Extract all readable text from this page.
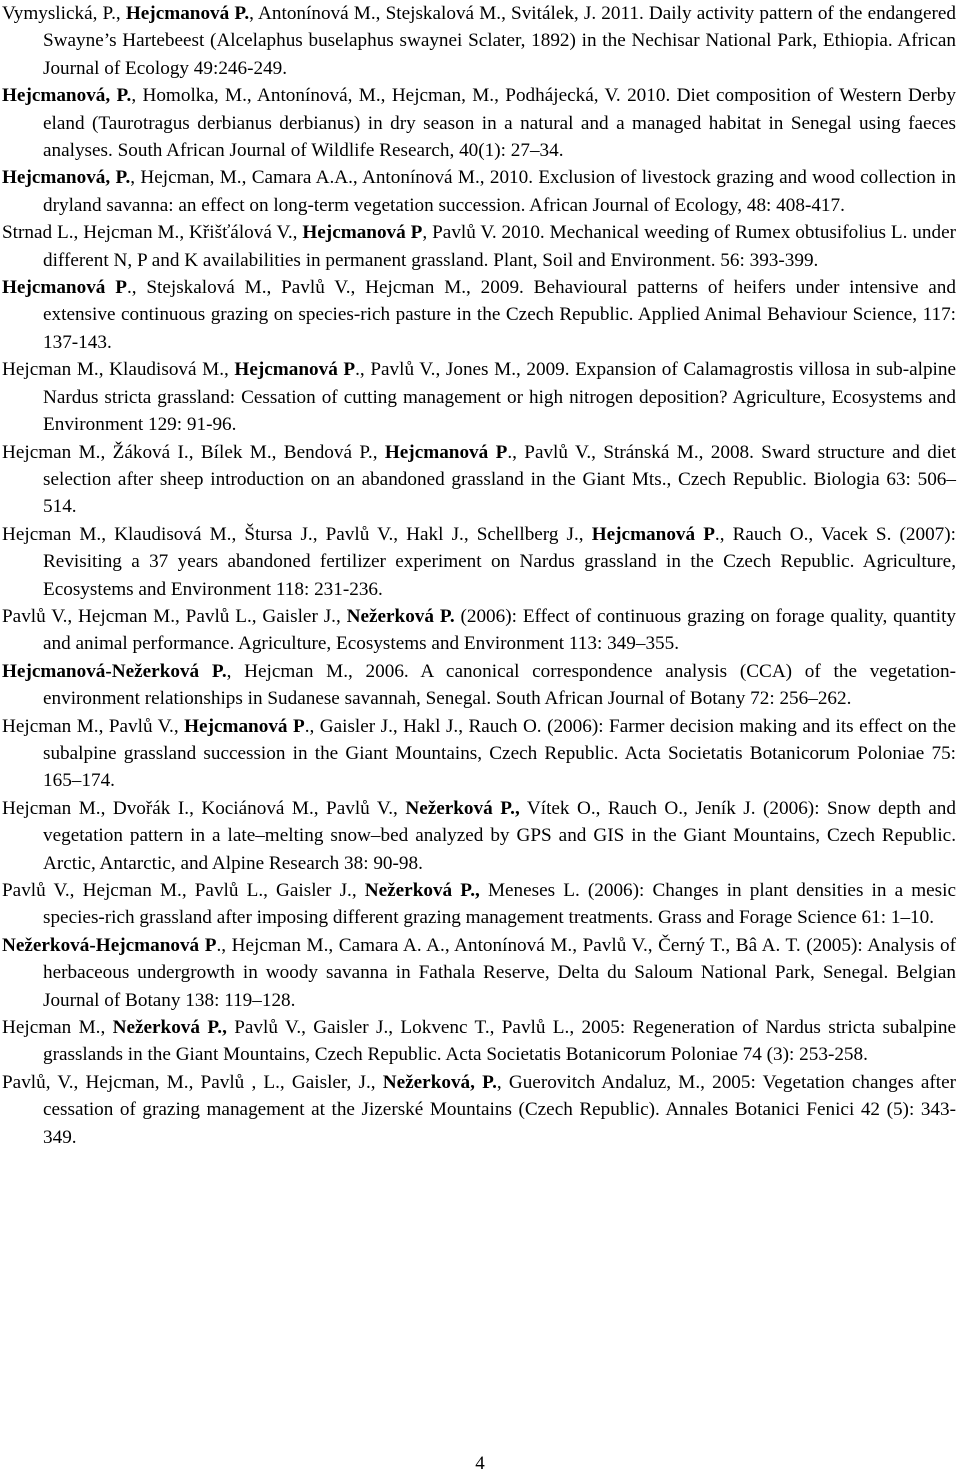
Vymyslická, P., Hejcmanová P., Antonínová M., Stejskalová M., Svitálek, J. 2011. Daily activity pattern of the endangered Swayne’s Hartebeest (Alcelaphus buselaphus swaynei Sclater, 1892) in the Nechisar National Park, Ethiopia. African Journal of Ecology 49:246-249.

Hejcmanová, P., Homolka, M., Antonínová, M., Hejcman, M., Podhájecká, V. 2010. Diet composition of Western Derby eland (Taurotragus derbianus derbianus) in dry season in a natural and a managed habitat in Senegal using faeces analyses. South African Journal of Wildlife Research, 40(1): 27–34.

Hejcmanová, P., Hejcman, M., Camara A.A., Antonínová M., 2010. Exclusion of livestock grazing and wood collection in dryland savanna: an effect on long-term vegetation succession. African Journal of Ecology, 48: 408-417.

Strnad L., Hejcman M., Křišťálová V., Hejcmanová P, Pavlů V. 2010. Mechanical weeding of Rumex obtusifolius L. under different N, P and K availabilities in permanent grassland. Plant, Soil and Environment. 56: 393-399.

Hejcmanová P., Stejskalová M., Pavlů V., Hejcman M., 2009. Behavioural patterns of heifers under intensive and extensive continuous grazing on species-rich pasture in the Czech Republic. Applied Animal Behaviour Science, 117: 137-143.

Hejcman M., Klaudisová M., Hejcmanová P., Pavlů V., Jones M., 2009. Expansion of Calamagrostis villosa in sub-alpine Nardus stricta grassland: Cessation of cutting management or high nitrogen deposition? Agriculture, Ecosystems and Environment 129: 91-96.

Hejcman M., Žáková I., Bílek M., Bendová P., Hejcmanová P., Pavlů V., Stránská M., 2008. Sward structure and diet selection after sheep introduction on an abandoned grassland in the Giant Mts., Czech Republic. Biologia 63: 506–514.

Hejcman M., Klaudisová M., Štursa J., Pavlů V., Hakl J., Schellberg J., Hejcmanová P., Rauch O., Vacek S. (2007): Revisiting a 37 years abandoned fertilizer experiment on Nardus grassland in the Czech Republic. Agriculture, Ecosystems and Environment 118: 231-236.

Pavlů V., Hejcman M., Pavlů L., Gaisler J., Nežerková P. (2006): Effect of continuous grazing on forage quality, quantity and animal performance. Agriculture, Ecosystems and Environment 113: 349–355.

Hejcmanová-Nežerková P., Hejcman M., 2006. A canonical correspondence analysis (CCA) of the vegetation-environment relationships in Sudanese savannah, Senegal. South African Journal of Botany 72: 256–262.

Hejcman M., Pavlů V., Hejcmanová P., Gaisler J., Hakl J., Rauch O. (2006): Farmer decision making and its effect on the subalpine grassland succession in the Giant Mountains, Czech Republic. Acta Societatis Botanicorum Poloniae 75: 165–174.

Hejcman M., Dvořák I., Kociánová M., Pavlů V., Nežerková P., Vítek O., Rauch O., Jeník J. (2006): Snow depth and vegetation pattern in a late–melting snow–bed analyzed by GPS and GIS in the Giant Mountains, Czech Republic. Arctic, Antarctic, and Alpine Research 38: 90-98.

Pavlů V., Hejcman M., Pavlů L., Gaisler J., Nežerková P., Meneses L. (2006): Changes in plant densities in a mesic species-rich grassland after imposing different grazing management treatments. Grass and Forage Science 61: 1–10.

Nežerková-Hejcmanová P., Hejcman M., Camara A. A., Antonínová M., Pavlů V., Černý T., Bâ A. T. (2005): Analysis of herbaceous undergrowth in woody savanna in Fathala Reserve, Delta du Saloum National Park, Senegal. Belgian Journal of Botany 138: 119–128.

Hejcman M., Nežerková P., Pavlů V., Gaisler J., Lokvenc T., Pavlů L., 2005: Regeneration of Nardus stricta subalpine grasslands in the Giant Mountains, Czech Republic. Acta Societatis Botanicorum Poloniae 74 (3): 253-258.

Pavlů, V., Hejcman, M., Pavlů , L., Gaisler, J., Nežerková, P., Guerovitch Andaluz, M., 2005: Vegetation changes after cessation of grazing management at the Jizerské Mountains (Czech Republic). Annales Botanici Fenici 42 (5): 343-349.

4
